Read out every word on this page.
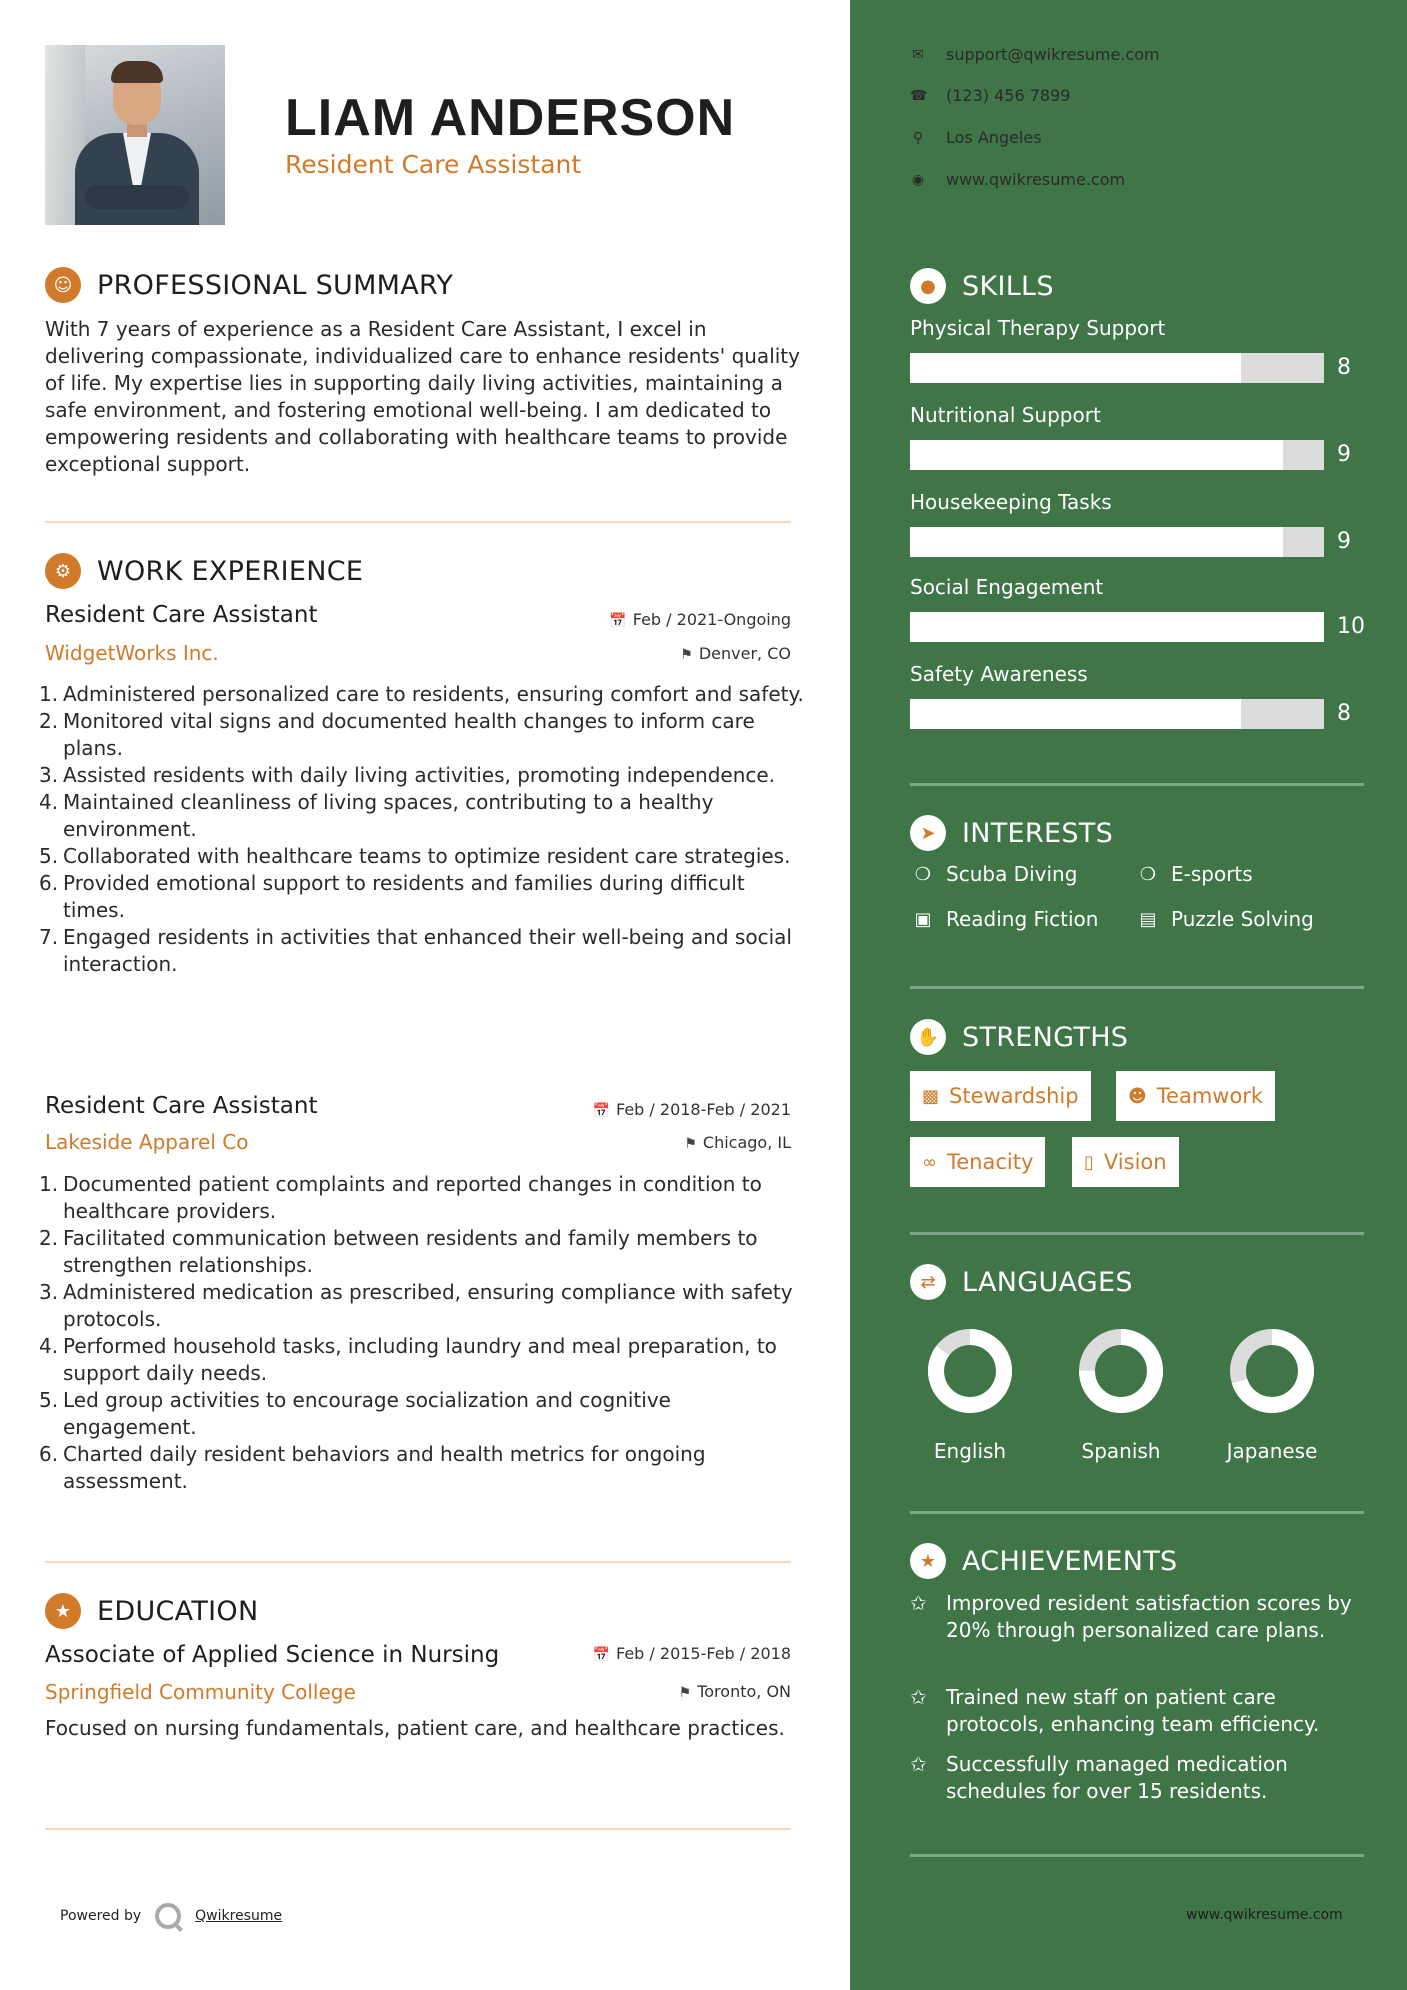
LIAM ANDERSON
Resident Care Assistant
☺ PROFESSIONAL SUMMARY
With 7 years of experience as a Resident Care Assistant, I excel in delivering compassionate, individualized care to enhance residents' quality of life. My expertise lies in supporting daily living activities, maintaining a safe environment, and fostering emotional well-being. I am dedicated to empowering residents and collaborating with healthcare teams to provide exceptional support.
⚙ WORK EXPERIENCE
Resident Care Assistant	📅 Feb / 2021-Ongoing
WidgetWorks Inc.	⚑ Denver, CO
1. Administered personalized care to residents, ensuring comfort and safety.
2. Monitored vital signs and documented health changes to inform care plans.
3. Assisted residents with daily living activities, promoting independence.
4. Maintained cleanliness of living spaces, contributing to a healthy environment.
5. Collaborated with healthcare teams to optimize resident care strategies.
6. Provided emotional support to residents and families during difficult times.
7. Engaged residents in activities that enhanced their well-being and social interaction.
Resident Care Assistant	📅 Feb / 2018-Feb / 2021
Lakeside Apparel Co	⚑ Chicago, IL
1. Documented patient complaints and reported changes in condition to healthcare providers.
2. Facilitated communication between residents and family members to strengthen relationships.
3. Administered medication as prescribed, ensuring compliance with safety protocols.
4. Performed household tasks, including laundry and meal preparation, to support daily needs.
5. Led group activities to encourage socialization and cognitive engagement.
6. Charted daily resident behaviors and health metrics for ongoing assessment.
★ EDUCATION
Associate of Applied Science in Nursing	📅 Feb / 2015-Feb / 2018
Springfield Community College	⚑ Toronto, ON
Focused on nursing fundamentals, patient care, and healthcare practices.
Powered by	Qwikresume
✉ support@qwikresume.com
☎ (123) 456 7899
⚲ Los Angeles
◉ www.qwikresume.com
● SKILLS
Physical Therapy Support
8
Nutritional Support
9
Housekeeping Tasks
9
Social Engagement
10
Safety Awareness
8
➤ INTERESTS
❍ Scuba Diving	❍ E-sports
▣ Reading Fiction ▤ Puzzle Solving
✋ STRENGTHS
▩ Stewardship	☻ Teamwork
∞ Tenacity	▯ Vision
⇄ LANGUAGES
English	Spanish	Japanese
★ ACHIEVEMENTS
✩ Improved resident satisfaction scores by 20% through personalized care plans.
✩ Trained new staff on patient care protocols, enhancing team efficiency.
✩ Successfully managed medication schedules for over 15 residents.
www.qwikresume.com
